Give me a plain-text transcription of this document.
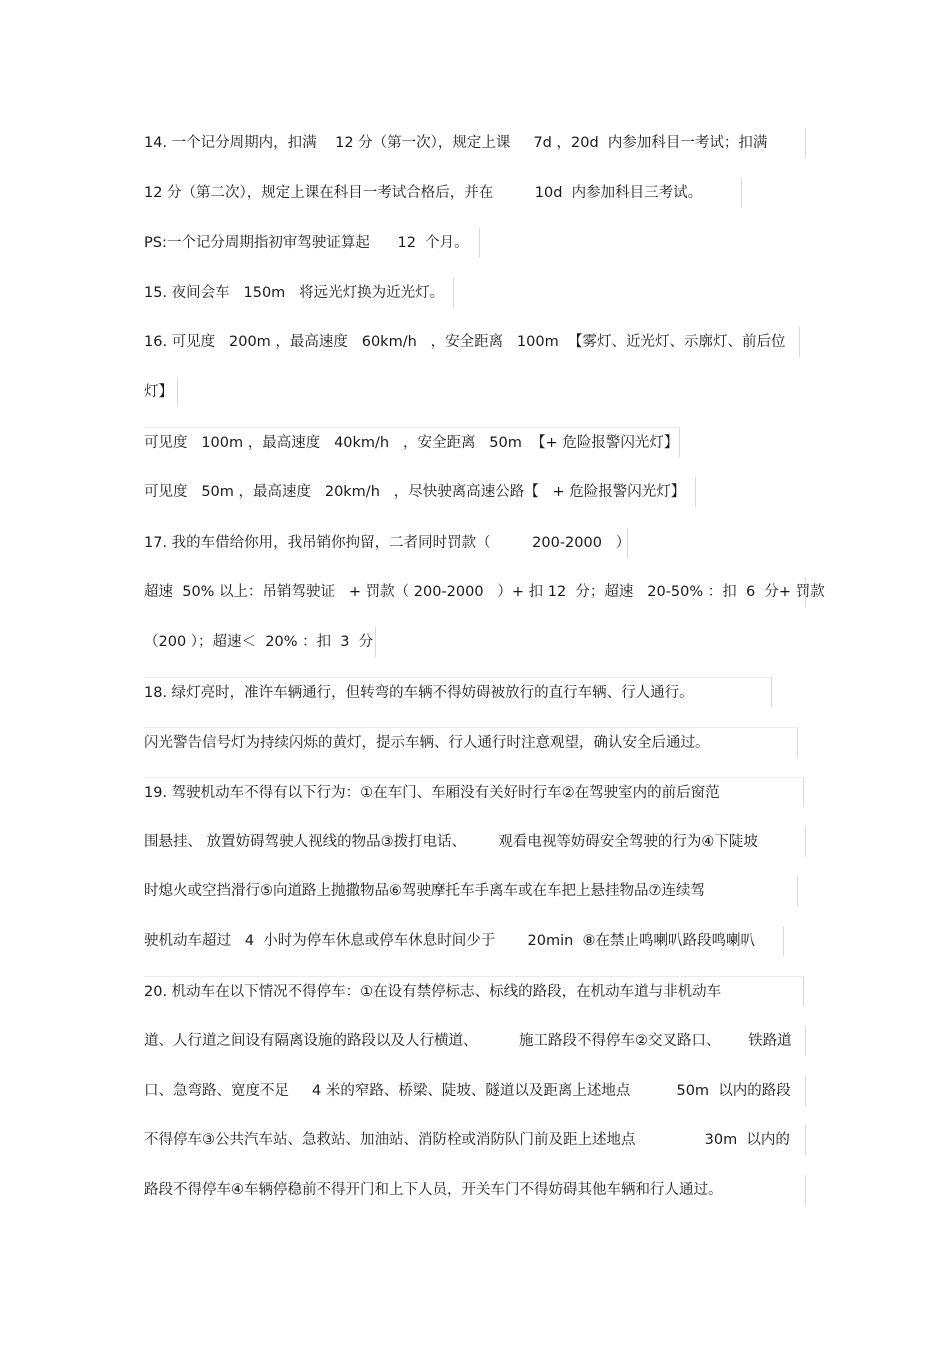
14. 一个记分周期内，扣满    12 分（第一次），规定上课     7d ，20d  内参加科目一考试；扣满
12 分（第二次），规定上课在科目一考试合格后，并在         10d  内参加科目三考试。
PS:一个记分周期指初审驾驶证算起      12  个月。
15. 夜间会车   150m   将远光灯换为近光灯。
16. 可见度   200m ，最高速度   60km/h   ，安全距离   100m  【雾灯、近光灯、示廓灯、前后位
灯】
可见度   100m ，最高速度   40km/h   ，安全距离   50m  【+ 危险报警闪光灯】
可见度   50m ，最高速度   20km/h   ，尽快驶离高速公路【   + 危险报警闪光灯】
17. 我的车借给你用，我吊销你拘留，二者同时罚款（         200-2000   ）
超速  50% 以上：吊销驾驶证   + 罚款（ 200-2000   ）+ 扣 12  分；超速   20-50% ：扣  6  分+ 罚款
（200 ）；超速＜  20% ：扣  3  分
18. 绿灯亮时，准许车辆通行，但转弯的车辆不得妨碍被放行的直行车辆、行人通行。
闪光警告信号灯为持续闪烁的黄灯，提示车辆、行人通行时注意观望，确认安全后通过。
19. 驾驶机动车不得有以下行为：①在车门、车厢没有关好时行车②在驾驶室内的前后窗范
围悬挂、 放置妨碍驾驶人视线的物品③拨打电话、       观看电视等妨碍安全驾驶的行为④下陡坡
时熄火或空挡滑行⑤向道路上抛撒物品⑥驾驶摩托车手离车或在车把上悬挂物品⑦连续驾
驶机动车超过   4  小时为停车休息或停车休息时间少于       20min  ⑧在禁止鸣喇叭路段鸣喇叭
20. 机动车在以下情况不得停车：①在设有禁停标志、标线的路段，在机动车道与非机动车
道、人行道之间设有隔离设施的路段以及人行横道、         施工路段不得停车②交叉路口、      铁路道
口、急弯路、宽度不足     4 米的窄路、桥梁、陡坡、隧道以及距离上述地点          50m  以内的路段
不得停车③公共汽车站、急救站、加油站、消防栓或消防队门前及距上述地点               30m  以内的
路段不得停车④车辆停稳前不得开门和上下人员，开关车门不得妨碍其他车辆和行人通过。
